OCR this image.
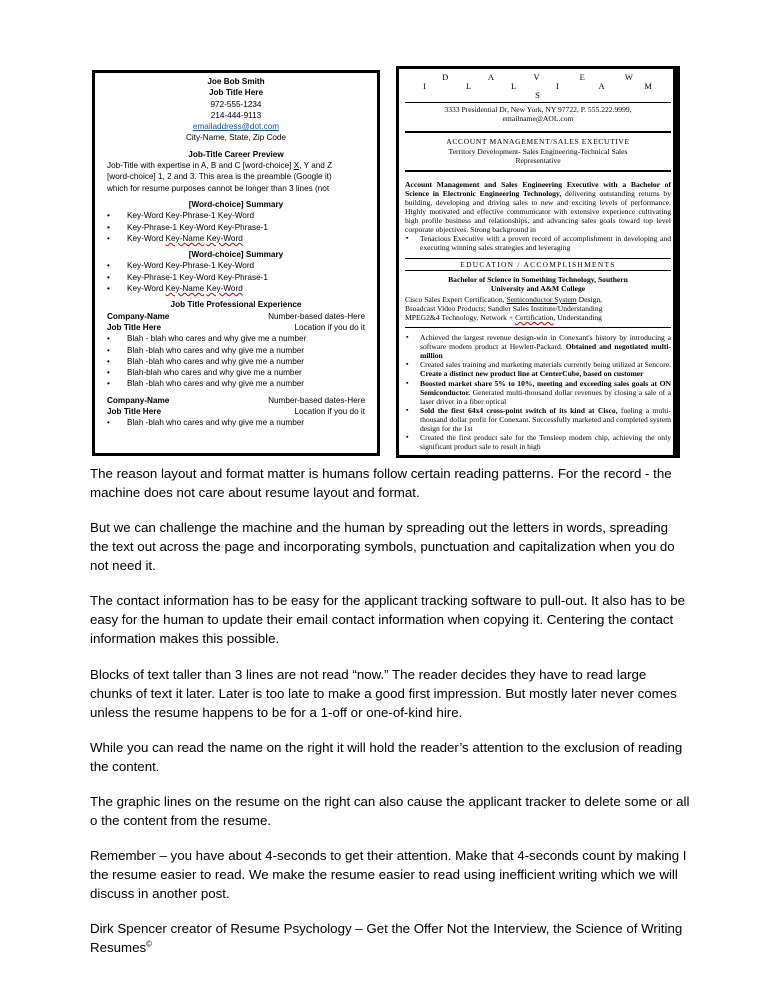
Joe Bob Smith
Job Title Here
972-555-1234
214-444-9113
emailaddress@dot.com
City-Name, State, Zip Code
Job-Title Career Preview
Job-Title with expertise in A, B and C [word-choice] X, Y and Z
[word-choice] 1, 2 and 3. This area is the preamble (Google it)
which for resume purposes cannot be longer than 3 lines (not
[Word-choice] Summary
• Key-Word Key-Phrase-1 Key-Word
• Key-Phrase-1 Key-Word Key-Phrase-1
• Key-Word Key-Name Key-Word
[Word-choice] Summary
• Key-Word Key-Phrase-1 Key-Word
• Key-Phrase-1 Key-Word Key-Phrase-1
• Key-Word Key-Name Key-Word
Job Title Professional Experience
Company-Name	Number-based dates-Here
Job Title Here	Location if you do it
• Blah - blah who cares and why give me a number
• Blah -blah who cares and why give me a number
• Blah -blah who cares and why give me a number
• Blah-blah who cares and why give me a number
• Blah -blah who cares and why give me a number
Company-Name	Number-based dates-Here
Job Title Here	Location if you do it
• Blah -blah who cares and why give me a number
D A V E W I L L I A M S
3333 Presidential Dr, New York, NY 97722, P. 555.222.9999,
emailname@AOL.com
ACCOUNT MANAGEMENT/SALES EXECUTIVE
Territory Development- Sales Engineering-Technical Sales
Representative
Account Management and Sales Engineering Executive with a Bachelor of Science in Electronic Engineering Technology, delivering outstanding returns by building, developing and driving sales to new and exciting levels of performance. Highly motivated and effective communicator with extensive experience cultivating high profile business and relationships, and advancing sales goals toward top level corporate objectives. Strong background in
▪ Tenacious Executive with a proven record of accomplishment in developing and executing winning sales strategies and leveraging
EDUCATION / ACCOMPLISHMENTS
Bachelor of Science in Something Technology, Southern
University and A&M College
Cisco Sales Expert Certification, Semiconductor System Design,
Broadcast Video Products; Sandler Sales Institute/Understanding
MPEG2&4 Technology, Network + Certification, Understanding
▪ Achieved the largest revenue design-win in Conexant's history by introducing a software modem product at Hewlett-Packard. Obtained and negotiated multi-million
▪ Created sales training and marketing materials currently being utilized at Sencore. Create a distinct new product line at CenterCube, based on customer
▪ Boosted market share 5% to 10%, meeting and exceeding sales goals at ON Semiconductor. Generated multi-thousand dollar revenues by closing a sale of a laser driver in a fiber optical
▪ Sold the first 64x4 cross-point switch of its kind at Cisco, fueling a multi-thousand dollar profit for Conexant. Successfully marketed and completed system design for the 1st
▪ Created the first product sale for the Tensleep modem chip, achieving the only significant product sale to result in high

The reason layout and format matter is humans follow certain reading patterns. For the record - the machine does not care about resume layout and format.

But we can challenge the machine and the human by spreading out the letters in words, spreading the text out across the page and incorporating symbols, punctuation and capitalization when you do not need it.

The contact information has to be easy for the applicant tracking software to pull-out. It also has to be easy for the human to update their email contact information when copying it. Centering the contact information makes this possible.

Blocks of text taller than 3 lines are not read “now.” The reader decides they have to read large chunks of text it later. Later is too late to make a good first impression. But mostly later never comes unless the resume happens to be for a 1-off or one-of-kind hire.

While you can read the name on the right it will hold the reader’s attention to the exclusion of reading the content.

The graphic lines on the resume on the right can also cause the applicant tracker to delete some or all o the content from the resume.

Remember – you have about 4-seconds to get their attention. Make that 4-seconds count by making I the resume easier to read. We make the resume easier to read using inefficient writing which we will discuss in another post.

Dirk Spencer creator of Resume Psychology – Get the Offer Not the Interview, the Science of Writing Resumes©
